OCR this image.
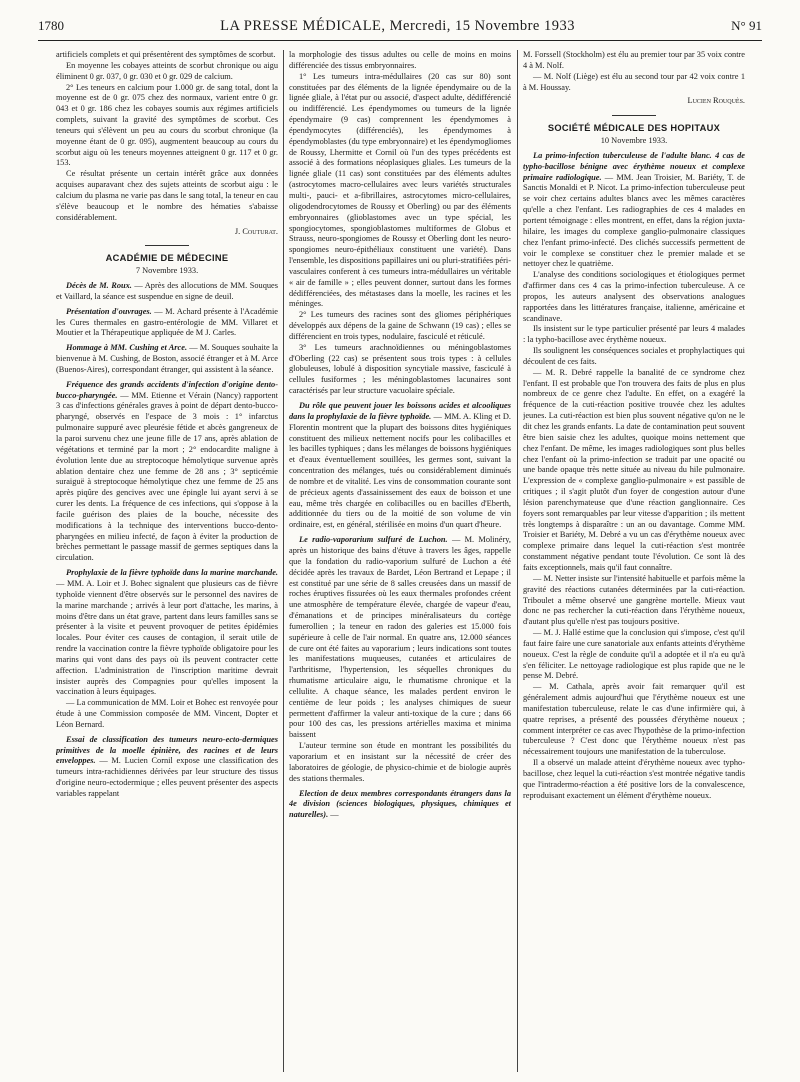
1780	LA PRESSE MÉDICALE, Mercredi, 15 Novembre 1933	N° 91

artificiels complets et qui présentèrent des symptômes de scorbut.

En moyenne les cobayes atteints de scorbut chronique ou aigu éliminent 0 gr. 037, 0 gr. 030 et 0 gr. 029 de calcium.

2° Les teneurs en calcium pour 1.000 gr. de sang total, dont la moyenne est de 0 gr. 075 chez des normaux, varient entre 0 gr. 043 et 0 gr. 186 chez les cobayes soumis aux régimes artificiels complets, suivant la gravité des symptômes de scorbut. Ces teneurs qui s'élèvent un peu au cours du scorbut chronique (la moyenne étant de 0 gr. 095), augmentent beaucoup au cours du scorbut aigu où les teneurs moyennes atteignent 0 gr. 117 et 0 gr. 153.

Ce résultat présente un certain intérêt grâce aux données acquises auparavant chez des sujets atteints de scorbut aigu : le calcium du plasma ne varie pas dans le sang total, la teneur en cau s'élève beaucoup et le nombre des hématies s'abaisse considérablement.

J. Couturat.
ACADÉMIE DE MÉDECINE
7 Novembre 1933.

Décès de M. Roux. — Après des allocutions de MM. Souques et Vaillard, la séance est suspendue en signe de deuil.

Présentation d'ouvrages. — M. Achard présente à l'Académie les Cures thermales en gastro-entérologie de MM. Villaret et Moutier et la Thérapeutique appliquée de M J. Carles.

Hommage à MM. Cushing et Arce. — M. Souques souhaite la bienvenue à M. Cushing, de Boston, associé étranger et à M. Arce (Buenos-Aires), correspondant étranger, qui assistent à la séance.

Fréquence des grands accidents d'infection d'origine dento-bucco-pharyngée. — MM. Etienne et Vérain (Nancy) rapportent 3 cas d'infections générales graves à point de départ dento-bucco-pharyngé, observés en l'espace de 3 mois : 1° infarctus pulmonaire suppuré avec pleurésie fétide et abcès gangreneux de la paroi survenu chez une jeune fille de 17 ans, après ablation de végétations et terminé par la mort ; 2° endocardite maligne à évolution lente due au streptocoque hémolytique survenue après ablation dentaire chez une femme de 28 ans ; 3° septicémie suraiguë à streptocoque hémolytique chez une femme de 25 ans après piqûre des gencives avec une épingle lui ayant servi à se curer les dents. La fréquence de ces infections, qui s'oppose à la facile guérison des plaies de la bouche, nécessite des modifications à la technique des interventions bucco-dento-pharyngées en milieu infecté, de façon à éviter la production de brèches permettant le passage massif de germes septiques dans la circulation.

Prophylaxie de la fièvre typhoïde dans la marine marchande. — MM. A. Loir et J. Bohec signalent que plusieurs cas de fièvre typhoïde viennent d'être observés sur le personnel des navires de la marine marchande ; arrivés à leur port d'attache, les marins, à moins d'être dans un état grave, partent dans leurs familles sans se présenter à la visite et peuvent provoquer de petites épidémies locales. Pour éviter ces causes de contagion, il serait utile de rendre la vaccination contre la fièvre typhoïde obligatoire pour les marins qui vont dans des pays où ils peuvent contracter cette affection. L'administration de l'inscription maritime devrait insister auprès des Compagnies pour qu'elles imposent la vaccination à leurs équipages.

— La communication de MM. Loir et Bohec est renvoyée pour étude à une Commission composée de MM. Vincent, Dopter et Léon Bernard.

Essai de classification des tumeurs neuro-ecto-dermiques primitives de la moelle épinière, des racines et de leurs enveloppes. — M. Lucien Cornil expose une classification des tumeurs intra-rachidiennes dérivées par leur structure des tissus d'origine neuro-ectodermique ; elles peuvent présenter des aspects variables rappelant

la morphologie des tissus adultes ou celle de moins en moins différenciée des tissus embryonnaires.

1° Les tumeurs intra-médullaires (20 cas sur 80) sont constituées par des éléments de la lignée épendymaire ou de la lignée gliale, à l'état pur ou associé, d'aspect adulte, dédifférencié ou indifférencié. Les épendymomes ou tumeurs de la lignée épendymaire (9 cas) comprennent les épendymomes à épendymocytes (différenciés), les épendymomes à épendymoblastes (du type embryonnaire) et les épendymogliomes de Roussy, Lhermitte et Cornil où l'un des types précédents est associé à des formations néoplasiques gliales. Les tumeurs de la lignée gliale (11 cas) sont constituées par des éléments adultes (astrocytomes macro-cellulaires avec leurs variétés structurales multi-, pauci- et a-fibrillaires, astrocytomes micro-cellulaires, oligodendrocytomes de Roussy et Oberling) ou par des éléments embryonnaires (glioblastomes avec un type spécial, les spongiocytomes, spongioblastomes multiformes de Globus et Strauss, neuro-spongiomes de Roussy et Oberling dont les neuro-spongiomes neuro-épithéliaux constituent une variété). Dans l'ensemble, les dispositions papillaires uni ou pluri-stratifiées péri-vasculaires conferent à ces tumeurs intra-médullaires un véritable « air de famille » ; elles peuvent donner, surtout dans les formes dédifférenciées, des métastases dans la moelle, les racines et les méninges.

2° Les tumeurs des racines sont des gliomes périphériques développés aux dépens de la gaine de Schwann (19 cas) ; elles se différencient en trois types, nodulaire, fasciculé et réticulé.

3° Les tumeurs arachnoïdiennes ou méningoblastomes d'Oberling (22 cas) se présentent sous trois types : à cellules globuleuses, lobulé à disposition syncytiale massive, fasciculé à cellules fusiformes ; les méningoblastomes lacunaires sont caractérisés par leur structure vacuolaire spéciale.

Du rôle que peuvent jouer les boissons acides et alcooliques dans la prophylaxie de la fièvre typhoïde. — MM. A. Kling et D. Florentin montrent que la plupart des boissons dites hygiéniques constituent des milieux nettement nocifs pour les colibacilles et les bacilles typhiques ; dans les mélanges de boissons hygiéniques et d'eaux éventuellement souillées, les germes sont, suivant la concentration des mélanges, tués ou considérablement diminués de nombre et de vitalité. Les vins de consommation courante sont de précieux agents d'assainissement des eaux de boisson et une eau, même très chargée en colibacilles ou en bacilles d'Eberth, additionnée du tiers ou de la moitié de son volume de vin ordinaire, est, en général, stérilisée en moins d'un quart d'heure.

Le radio-vaporarium sulfuré de Luchon. — M. Molinéry, après un historique des bains d'étuve à travers les âges, rappelle que la fondation du radio-vaporium sulfuré de Luchon a été décidée après les travaux de Bardet, Léon Bertrand et Lepape ; il est constitué par une série de 8 salles creusées dans un massif de roches éruptives fissurées où les eaux thermales profondes créent une atmosphère de température élevée, chargée de vapeur d'eau, d'émanations et de principes minéralisateurs du cortège fumerollien ; la teneur en radon des galeries est 15.000 fois supérieure à celle de l'air normal. En quatre ans, 12.000 séances de cure ont été faites au vaporarium ; leurs indications sont toutes les manifestations muqueuses, cutanées et articulaires de l'arthritisme, l'hypertension, les séquelles chroniques du rhumatisme articulaire aigu, le rhumatisme chronique et la cellulite. A chaque séance, les malades perdent environ le centième de leur poids ; les analyses chimiques de sueur permettent d'affirmer la valeur anti-toxique de la cure ; dans 66 pour 100 des cas, les pressions artérielles maxima et minima baissent

L'auteur termine son étude en montrant les possibilités du vaporarium et en insistant sur la nécessité de créer des laboratoires de géologie, de physico-chimie et de biologie auprès des stations thermales.

Election de deux membres correspondants étrangers dans la 4e division (sciences biologiques, physiques, chimiques et naturelles). —

M. Forssell (Stockholm) est élu au premier tour par 35 voix contre 4 à M. Nolf.

— M. Nolf (Liège) est élu au second tour par 42 voix contre 1 à M. Houssay.

Lucien Rouquès.
SOCIÉTÉ MÉDICALE DES HOPITAUX
10 Novembre 1933.

La primo-infection tuberculeuse de l'adulte blanc. 4 cas de typho-bacillose bénigne avec érythème noueux et complexe primaire radiologique. — MM. Jean Troisier, M. Bariéty, T. de Sanctis Monaldi et P. Nicot. La primo-infection tuberculeuse peut se voir chez certains adultes blancs avec les mêmes caractères qu'elle a chez l'enfant. Les radiographies de ces 4 malades en portent témoignage : elles montrent, en effet, dans la région juxta-hilaire, les images du complexe ganglio-pulmonaire classiques chez l'enfant primo-infecté. Des clichés successifs permettent de voir le complexe se constituer chez le premier malade et se nettoyer chez le quatrième.

L'analyse des conditions sociologiques et étiologiques permet d'affirmer dans ces 4 cas la primo-infection tuberculeuse. A ce propos, les auteurs analysent des observations analogues rapportées dans les littératures française, italienne, américaine et scandinave.

Ils insistent sur le type particulier présenté par leurs 4 malades : la typho-bacillose avec érythème noueux.

Ils soulignent les conséquences sociales et prophylactiques qui découlent de ces faits.

— M. R. Debré rappelle la banalité de ce syndrome chez l'enfant. Il est probable que l'on trouvera des faits de plus en plus nombreux de ce genre chez l'adulte. En effet, on a exagéré la fréquence de la cuti-réaction positive trouvée chez les adultes jeunes. La cuti-réaction est bien plus souvent négative qu'on ne le dit chez les grands enfants. La date de contamination peut souvent être bien saisie chez les adultes, quoique moins nettement que chez l'enfant. De même, les images radiologiques sont plus belles chez l'enfant où la primo-infection se traduit par une opacité ou une bande opaque très nette située au niveau du hile pulmonaire. L'expression de « complexe ganglio-pulmonaire » est passible de critiques ; il s'agit plutôt d'un foyer de congestion autour d'une lésion parenchymateuse que d'une réaction ganglionnaire. Ces foyers sont remarquables par leur vitesse d'apparition ; ils mettent très longtemps à disparaître : un an ou davantage. Comme MM. Troisier et Bariéty, M. Debré a vu un cas d'érythème noueux avec complexe primaire dans lequel la cuti-réaction s'est montrée constamment négative pendant toute l'évolution. Ce sont là des faits exceptionnels, mais qu'il faut connaître.

— M. Netter insiste sur l'intensité habituelle et parfois même la gravité des réactions cutanées déterminées par la cuti-réaction. Triboulet a même observé une gangrène mortelle. Mieux vaut donc ne pas rechercher la cuti-réaction dans l'érythème noueux, d'autant plus qu'elle n'est pas toujours positive.

— M. J. Hallé estime que la conclusion qui s'impose, c'est qu'il faut faire faire une cure sanatoriale aux enfants atteints d'érythème noueux. C'est la règle de conduite qu'il a adoptée et il n'a eu qu'à s'en féliciter. Le nettoyage radiologique est plus rapide que ne le pense M. Debré.

— M. Cathala, après avoir fait remarquer qu'il est généralement admis aujourd'hui que l'érythème noueux est une manifestation tuberculeuse, relate le cas d'une infirmière qui, à quatre reprises, a présenté des poussées d'érythème noueux ; comment interpréter ce cas avec l'hypothèse de la primo-infection tuberculeuse ? C'est donc que l'érythème noueux n'est pas nécessairement toujours une manifestation de la tuberculose.

Il a observé un malade atteint d'érythème noueux avec typho-bacillose, chez lequel la cuti-réaction s'est montrée négative tandis que l'intradermo-réaction a été positive lors de la convalescence, reproduisant exactement un élément d'érythème noueux.
